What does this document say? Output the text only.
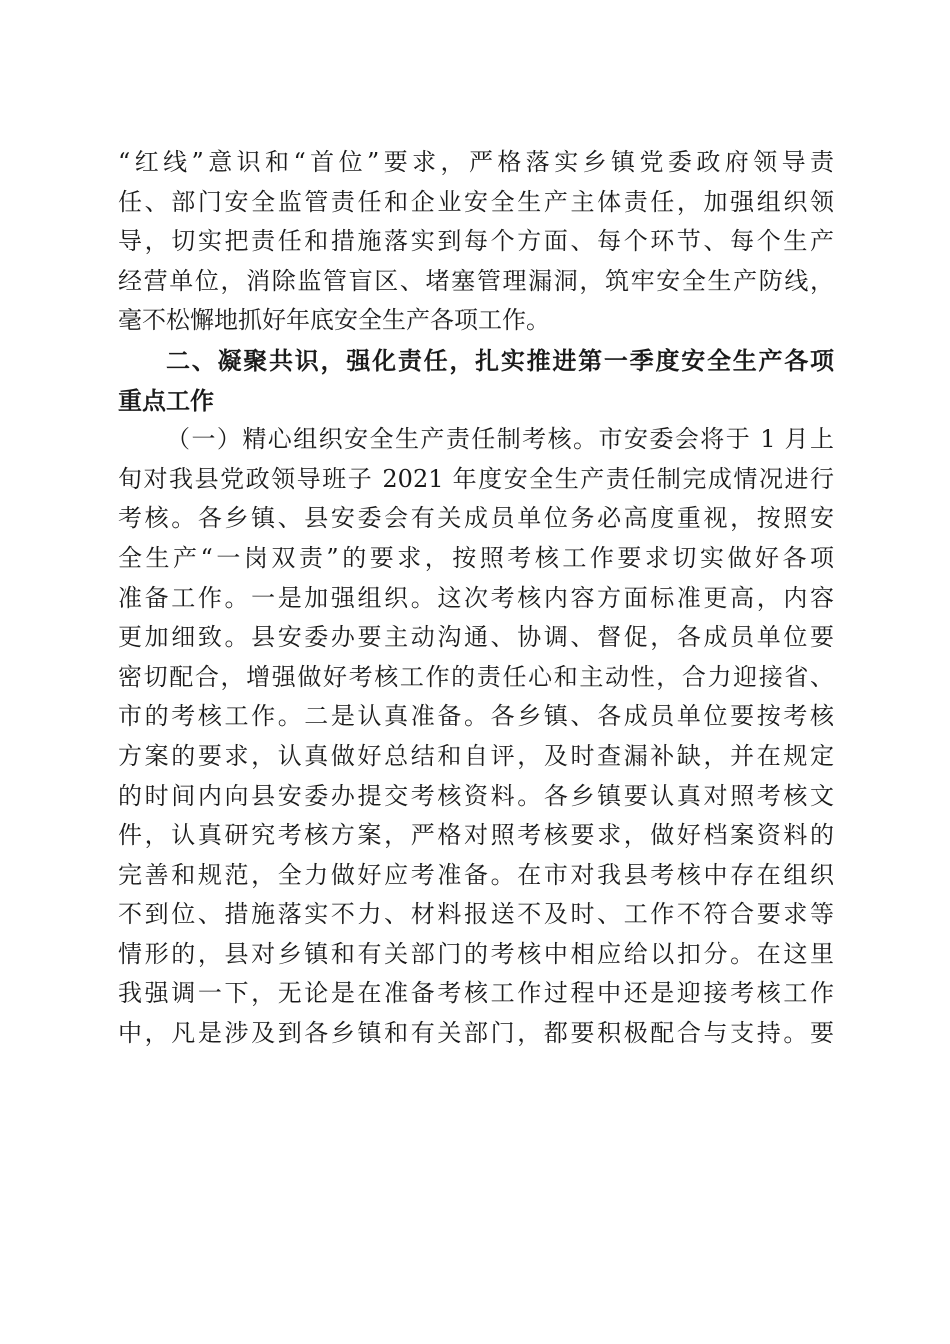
“红线”意识和“首位”要求，严格落实乡镇党委政府领导责
任、部门安全监管责任和企业安全生产主体责任，加强组织领
导，切实把责任和措施落实到每个方面、每个环节、每个生产
经营单位，消除监管盲区、堵塞管理漏洞，筑牢安全生产防线，
毫不松懈地抓好年底安全生产各项工作。
二、凝聚共识，强化责任，扎实推进第一季度安全生产各项
重点工作
（一）精心组织安全生产责任制考核。市安委会将于 1 月上
旬对我县党政领导班子 2021 年度安全生产责任制完成情况进行
考核。各乡镇、县安委会有关成员单位务必高度重视，按照安
全生产“一岗双责”的要求，按照考核工作要求切实做好各项
准备工作。一是加强组织。这次考核内容方面标准更高，内容
更加细致。县安委办要主动沟通、协调、督促，各成员单位要
密切配合，增强做好考核工作的责任心和主动性，合力迎接省、
市的考核工作。二是认真准备。各乡镇、各成员单位要按考核
方案的要求，认真做好总结和自评，及时查漏补缺，并在规定
的时间内向县安委办提交考核资料。各乡镇要认真对照考核文
件，认真研究考核方案，严格对照考核要求，做好档案资料的
完善和规范，全力做好应考准备。在市对我县考核中存在组织
不到位、措施落实不力、材料报送不及时、工作不符合要求等
情形的，县对乡镇和有关部门的考核中相应给以扣分。在这里
我强调一下，无论是在准备考核工作过程中还是迎接考核工作
中，凡是涉及到各乡镇和有关部门，都要积极配合与支持。要
